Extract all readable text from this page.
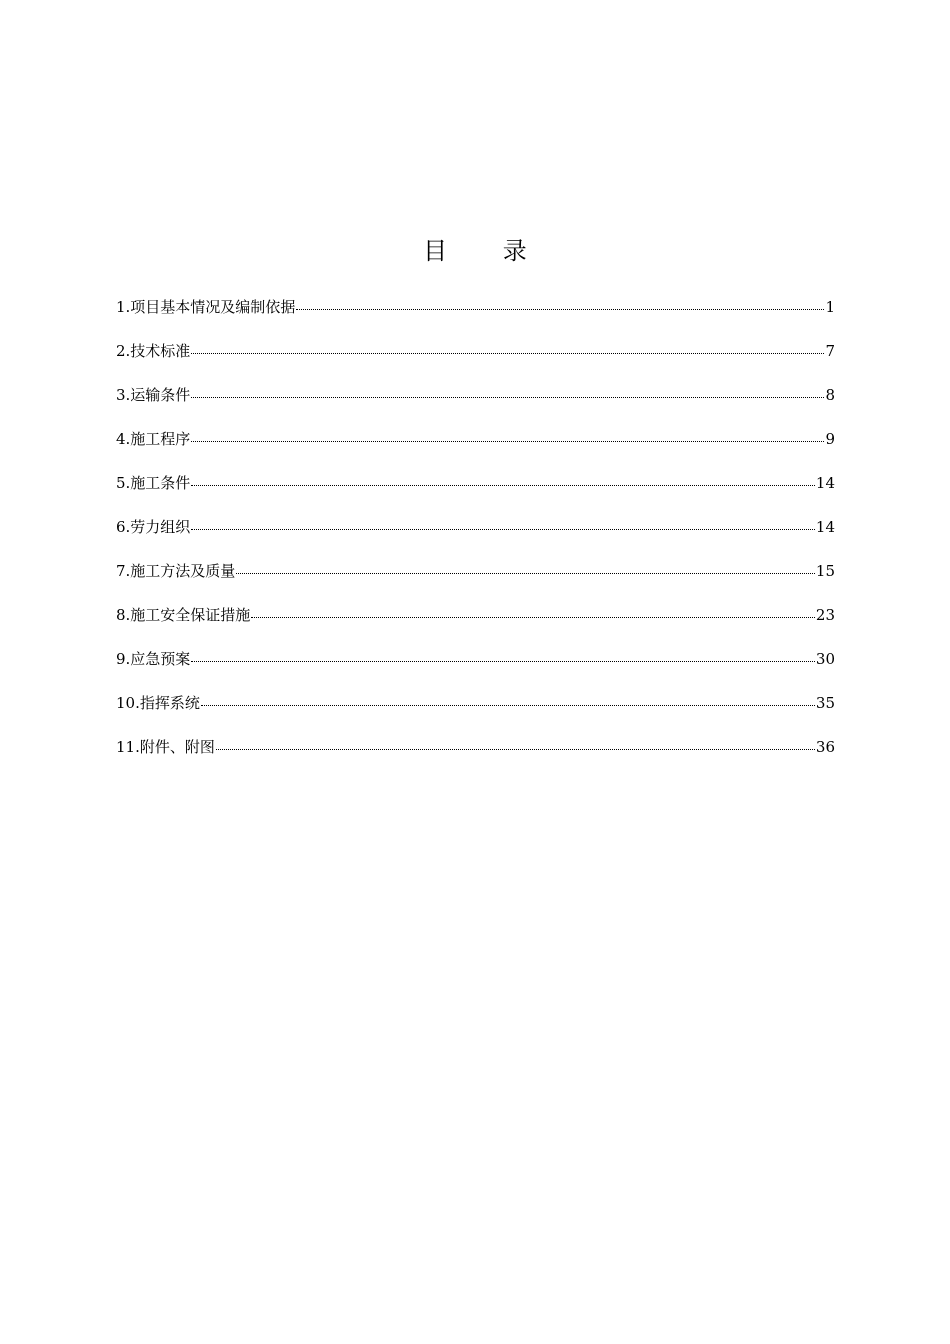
目 录
1.项目基本情况及编制依据	1
2.技术标准	7
3.运输条件	8
4.施工程序	9
5.施工条件	14
6.劳力组织	14
7.施工方法及质量	15
8.施工安全保证措施	23
9.应急预案	30
10.指挥系统	35
11.附件、附图	36
